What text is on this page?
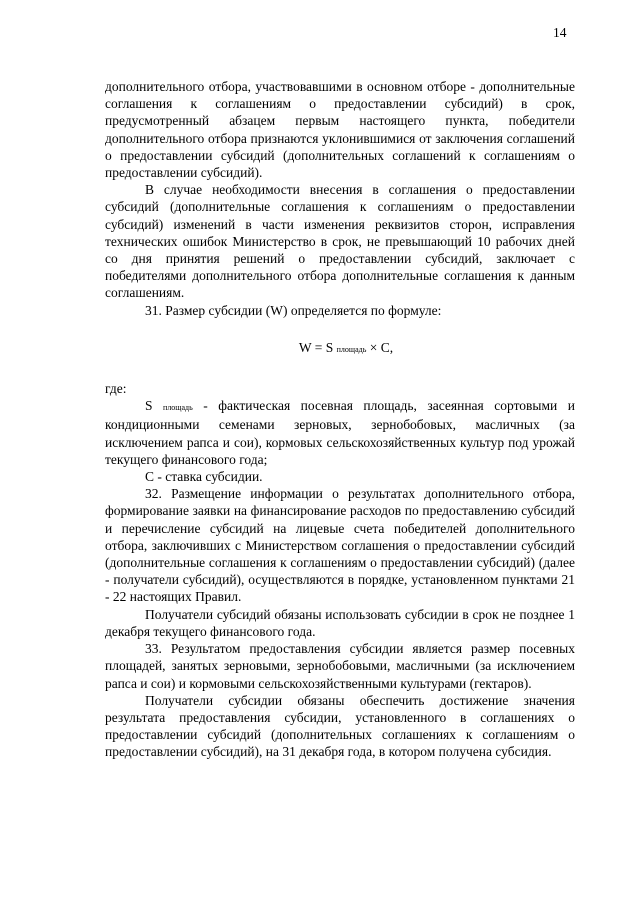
14

дополнительного отбора, участвовавшими в основном отборе - дополнительные соглашения к соглашениям о предоставлении субсидий) в срок, предусмотренный абзацем первым настоящего пункта, победители дополнительного отбора признаются уклонившимися от заключения соглашений о предоставлении субсидий (дополнительных соглашений к соглашениям о предоставлении субсидий).

В случае необходимости внесения в соглашения о предоставлении субсидий (дополнительные соглашения к соглашениям о предоставлении субсидий) изменений в части изменения реквизитов сторон, исправления технических ошибок Министерство в срок, не превышающий 10 рабочих дней со дня принятия решений о предоставлении субсидий, заключает с победителями дополнительного отбора дополнительные соглашения к данным соглашениям.

31. Размер субсидии (W) определяется по формуле:

W = S площадь × C,

где:

S площадь - фактическая посевная площадь, засеянная сортовыми и кондиционными семенами зерновых, зернобобовых, масличных (за исключением рапса и сои), кормовых сельскохозяйственных культур под урожай текущего финансового года;

С - ставка субсидии.

32. Размещение информации о результатах дополнительного отбора, формирование заявки на финансирование расходов по предоставлению субсидий и перечисление субсидий на лицевые счета победителей дополнительного отбора, заключивших с Министерством соглашения о предоставлении субсидий (дополнительные соглашения к соглашениям о предоставлении субсидий) (далее - получатели субсидий), осуществляются в порядке, установленном пунктами 21 - 22 настоящих Правил.

Получатели субсидий обязаны использовать субсидии в срок не позднее 1 декабря текущего финансового года.

33. Результатом предоставления субсидии является размер посевных площадей, занятых зерновыми, зернобобовыми, масличными (за исключением рапса и сои) и кормовыми сельскохозяйственными культурами (гектаров).

Получатели субсидии обязаны обеспечить достижение значения результата предоставления субсидии, установленного в соглашениях о предоставлении субсидий (дополнительных соглашениях к соглашениям о предоставлении субсидий), на 31 декабря года, в котором получена субсидия.
